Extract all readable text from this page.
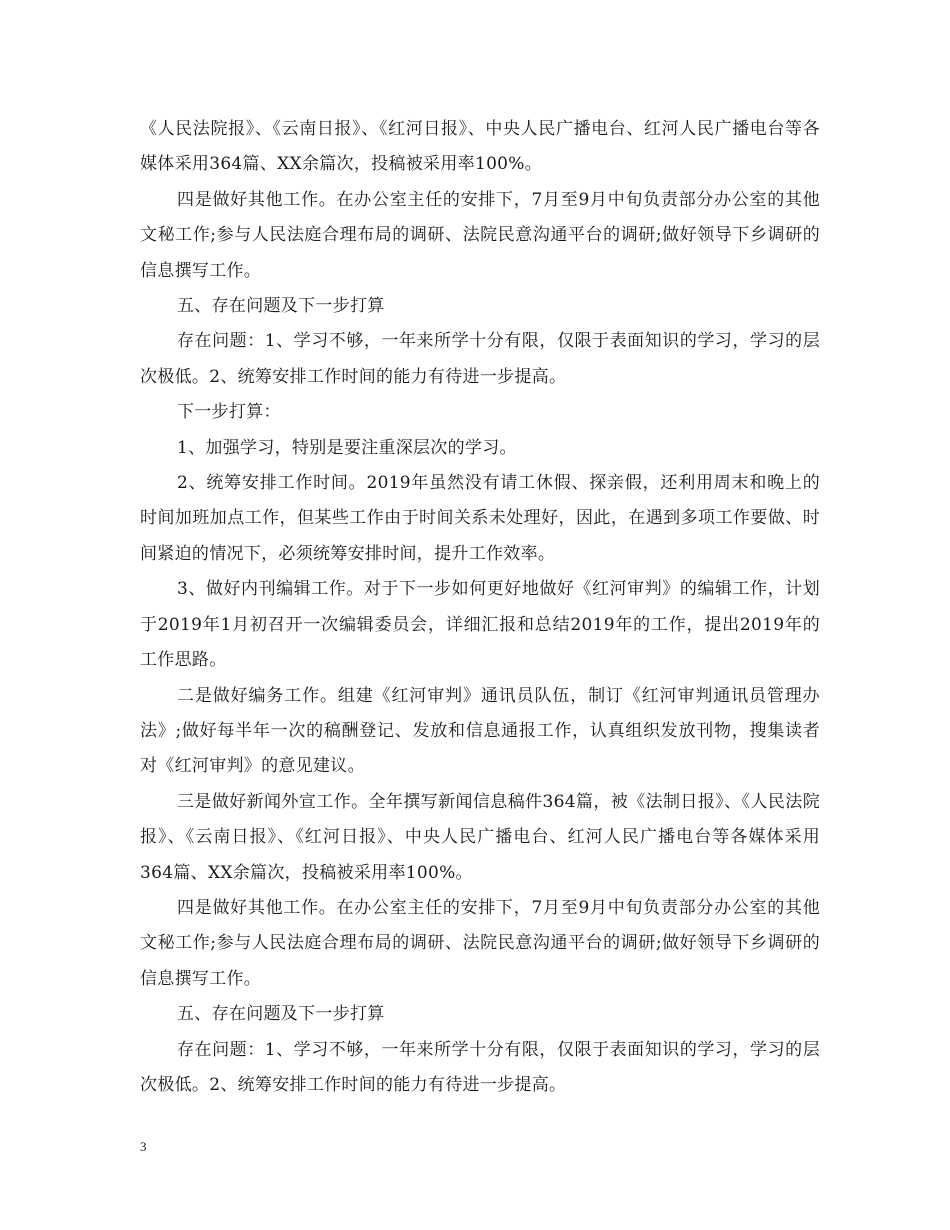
《人民法院报》、《云南日报》、《红河日报》、中央人民广播电台、红河人民广播电台等各媒体采用364篇、XX余篇次，投稿被采用率100%。

四是做好其他工作。在办公室主任的安排下，7月至9月中旬负责部分办公室的其他文秘工作;参与人民法庭合理布局的调研、法院民意沟通平台的调研;做好领导下乡调研的信息撰写工作。

五、存在问题及下一步打算

存在问题：1、学习不够，一年来所学十分有限，仅限于表面知识的学习，学习的层次极低。2、统筹安排工作时间的能力有待进一步提高。

下一步打算：

1、加强学习，特别是要注重深层次的学习。

2、统筹安排工作时间。2019年虽然没有请工休假、探亲假，还利用周末和晚上的时间加班加点工作，但某些工作由于时间关系未处理好，因此，在遇到多项工作要做、时间紧迫的情况下，必须统筹安排时间，提升工作效率。

3、做好内刊编辑工作。对于下一步如何更好地做好《红河审判》的编辑工作，计划于2019年1月初召开一次编辑委员会，详细汇报和总结2019年的工作，提出2019年的工作思路。

二是做好编务工作。组建《红河审判》通讯员队伍，制订《红河审判通讯员管理办法》;做好每半年一次的稿酬登记、发放和信息通报工作，认真组织发放刊物，搜集读者对《红河审判》的意见建议。

三是做好新闻外宣工作。全年撰写新闻信息稿件364篇，被《法制日报》、《人民法院报》、《云南日报》、《红河日报》、中央人民广播电台、红河人民广播电台等各媒体采用364篇、XX余篇次，投稿被采用率100%。

四是做好其他工作。在办公室主任的安排下，7月至9月中旬负责部分办公室的其他文秘工作;参与人民法庭合理布局的调研、法院民意沟通平台的调研;做好领导下乡调研的信息撰写工作。

五、存在问题及下一步打算

存在问题：1、学习不够，一年来所学十分有限，仅限于表面知识的学习，学习的层次极低。2、统筹安排工作时间的能力有待进一步提高。

3
